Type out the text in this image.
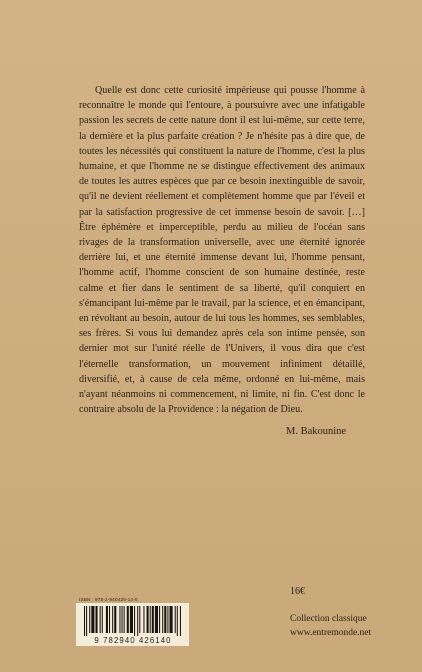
Quelle est donc cette curiosité impérieuse qui pousse l'homme à reconnaître le monde qui l'entoure, à poursuivre avec une infatigable passion les secrets de cette nature dont il est lui-même, sur cette terre, la dernière et la plus parfaite création ? Je n'hésite pas à dire que, de toutes les nécessités qui constituent la nature de l'homme, c'est la plus humaine, et que l'homme ne se distingue effectivement des animaux de toutes les autres espèces que par ce besoin inextinguible de savoir, qu'il ne devient réellement et complètement homme que par l'éveil et par la satisfaction progressive de cet immense besoin de savoir. […] Être éphémère et imperceptible, perdu au milieu de l'océan sans rivages de la transformation universelle, avec une éternité ignorée derrière lui, et une éternité immense devant lui, l'homme pensant, l'homme actif, l'homme conscient de son humaine destinée, reste calme et fier dans le sentiment de sa liberté, qu'il conquiert en s'émancipant lui-même par le travail, par la science, et en émancipant, en révoltant au besoin, autour de lui tous les hommes, ses semblables, ses frères. Si vous lui demandez après cela son intime pensée, son dernier mot sur l'unité réelle de l'Univers, il vous dira que c'est l'éternelle transformation, un mouvement infiniment détaillé, diversifié, et, à cause de cela même, ordonné en lui-même, mais n'ayant néanmoins ni commencement, ni limite, ni fin. C'est donc le contraire absolu de la Providence : la négation de Dieu.

M. Bakounine
ISBN : 978-2-940426-14-0
9 782940 426140
16€
Collection classique
www.entremonde.net
